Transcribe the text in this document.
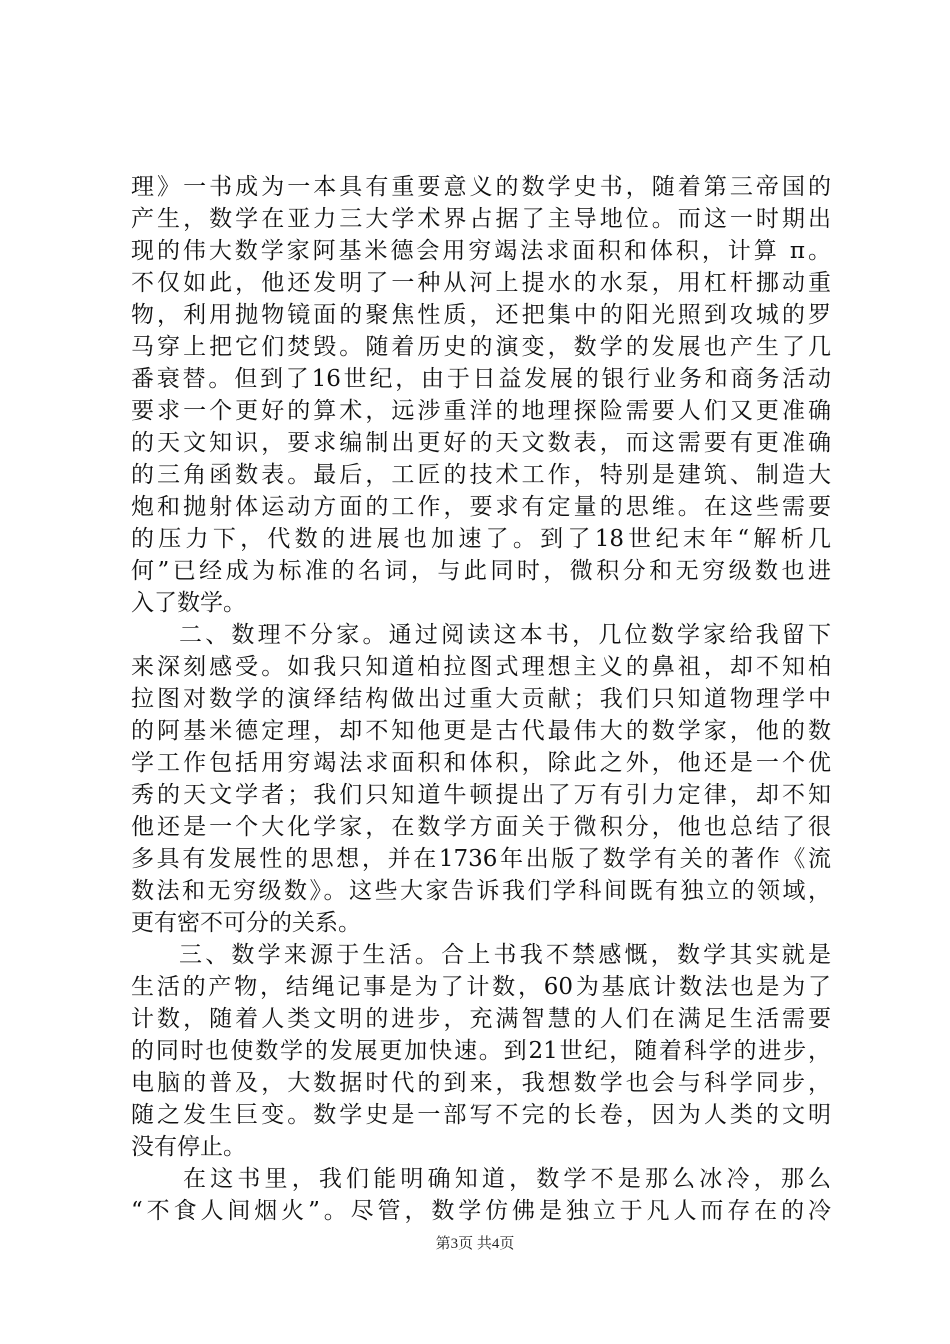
理》一书成为一本具有重要意义的数学史书，随着第三帝国的
产生，数学在亚力三大学术界占据了主导地位。而这一时期出
现的伟大数学家阿基米德会用穷竭法求面积和体积，计算 π。
不仅如此，他还发明了一种从河上提水的水泵，用杠杆挪动重
物，利用抛物镜面的聚焦性质，还把集中的阳光照到攻城的罗
马穿上把它们焚毁。随着历史的演变，数学的发展也产生了几
番衰替。但到了16世纪，由于日益发展的银行业务和商务活动
要求一个更好的算术，远涉重洋的地理探险需要人们又更准确
的天文知识，要求编制出更好的天文数表，而这需要有更准确
的三角函数表。最后，工匠的技术工作，特别是建筑、制造大
炮和抛射体运动方面的工作，要求有定量的思维。在这些需要
的压力下，代数的进展也加速了。到了18世纪末年“解析几
何”已经成为标准的名词，与此同时，微积分和无穷级数也进
入了数学。
二、数理不分家。通过阅读这本书，几位数学家给我留下
来深刻感受。如我只知道柏拉图式理想主义的鼻祖，却不知柏
拉图对数学的演绎结构做出过重大贡献；我们只知道物理学中
的阿基米德定理，却不知他更是古代最伟大的数学家，他的数
学工作包括用穷竭法求面积和体积，除此之外，他还是一个优
秀的天文学者；我们只知道牛顿提出了万有引力定律，却不知
他还是一个大化学家，在数学方面关于微积分，他也总结了很
多具有发展性的思想，并在1736年出版了数学有关的著作《流
数法和无穷级数》。这些大家告诉我们学科间既有独立的领域，
更有密不可分的关系。
三、数学来源于生活。合上书我不禁感慨，数学其实就是
生活的产物，结绳记事是为了计数，60为基底计数法也是为了
计数，随着人类文明的进步，充满智慧的人们在满足生活需要
的同时也使数学的发展更加快速。到21世纪，随着科学的进步，
电脑的普及，大数据时代的到来，我想数学也会与科学同步，
随之发生巨变。数学史是一部写不完的长卷，因为人类的文明
没有停止。
在这书里，我们能明确知道，数学不是那么冰冷，那么
“不食人间烟火”。尽管，数学仿佛是独立于凡人而存在的冷
第3页 共4页
